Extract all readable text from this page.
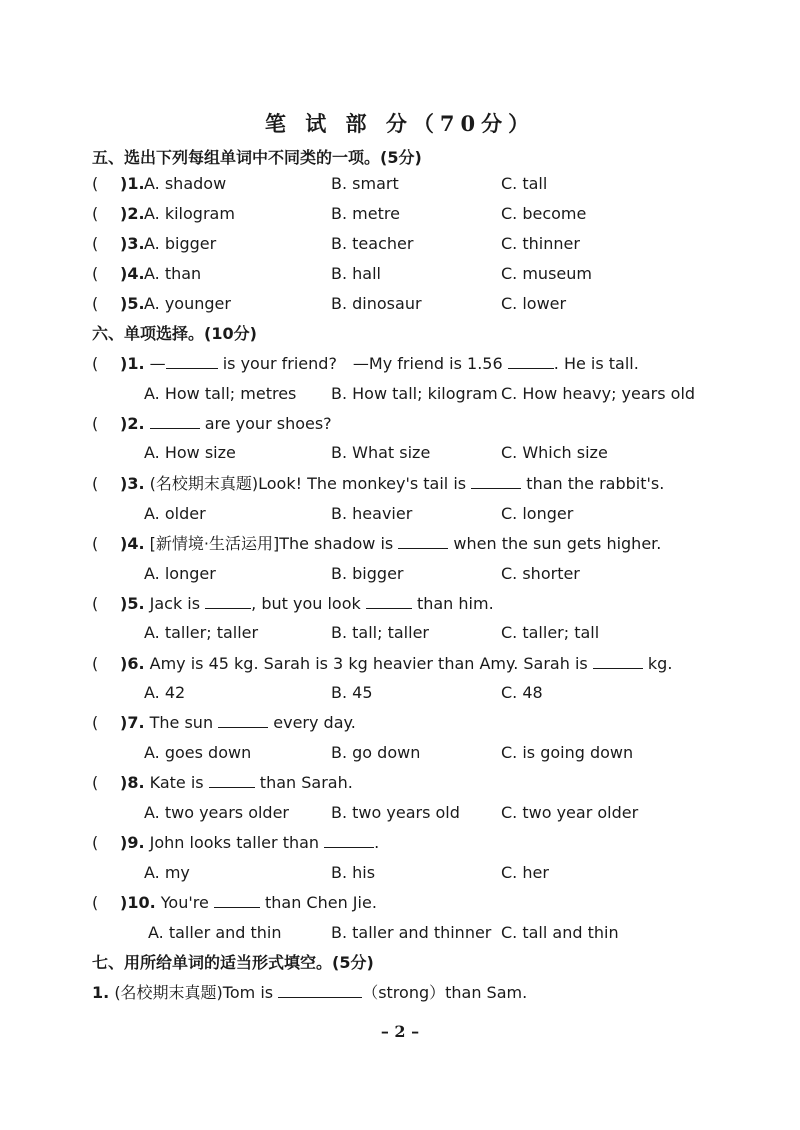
笔 试 部 分（70分）
五、选出下列每组单词中不同类的一项。(5分)
(	)1. A. shadow	B. smart	C. tall
(	)2. A. kilogram	B. metre	C. become
(	)3. A. bigger	B. teacher	C. thinner
(	)4. A. than	B. hall	C. museum
(	)5. A. younger	B. dinosaur	C. lower
六、单项选择。(10分)
(	)1. —	is your friend?　—My friend is 1.56	. He is tall.
A. How tall; metres B. How tall; kilogram C. How heavy; years old
(	)2.	are your shoes?
A. How size	B. What size	C. Which size
(	)3. (名校期末真题)Look! The monkey's tail is	than the rabbit's.
A. older	B. heavier	C. longer
(	)4. [新情境·生活运用]The shadow is	when the sun gets higher.
A. longer	B. bigger	C. shorter
(	)5. Jack is	, but you look	than him.
A. taller; taller	B. tall; taller	C. taller; tall
(	)6. Amy is 45 kg. Sarah is 3 kg heavier than Amy. Sarah is	kg.
A. 42	B. 45	C. 48
(	)7. The sun	every day.
A. goes down	B. go down	C. is going down
(	)8. Kate is	than Sarah.
A. two years older	B. two years old	C. two year older
(	)9. John looks taller than	.
A. my	B. his	C. her
(	)10. You're	than Chen Jie.
A. taller and thin	B. taller and thinner C. tall and thin
七、用所给单词的适当形式填空。(5分)
1. (名校期末真题)Tom is	（strong）than Sam.
– 2 –
